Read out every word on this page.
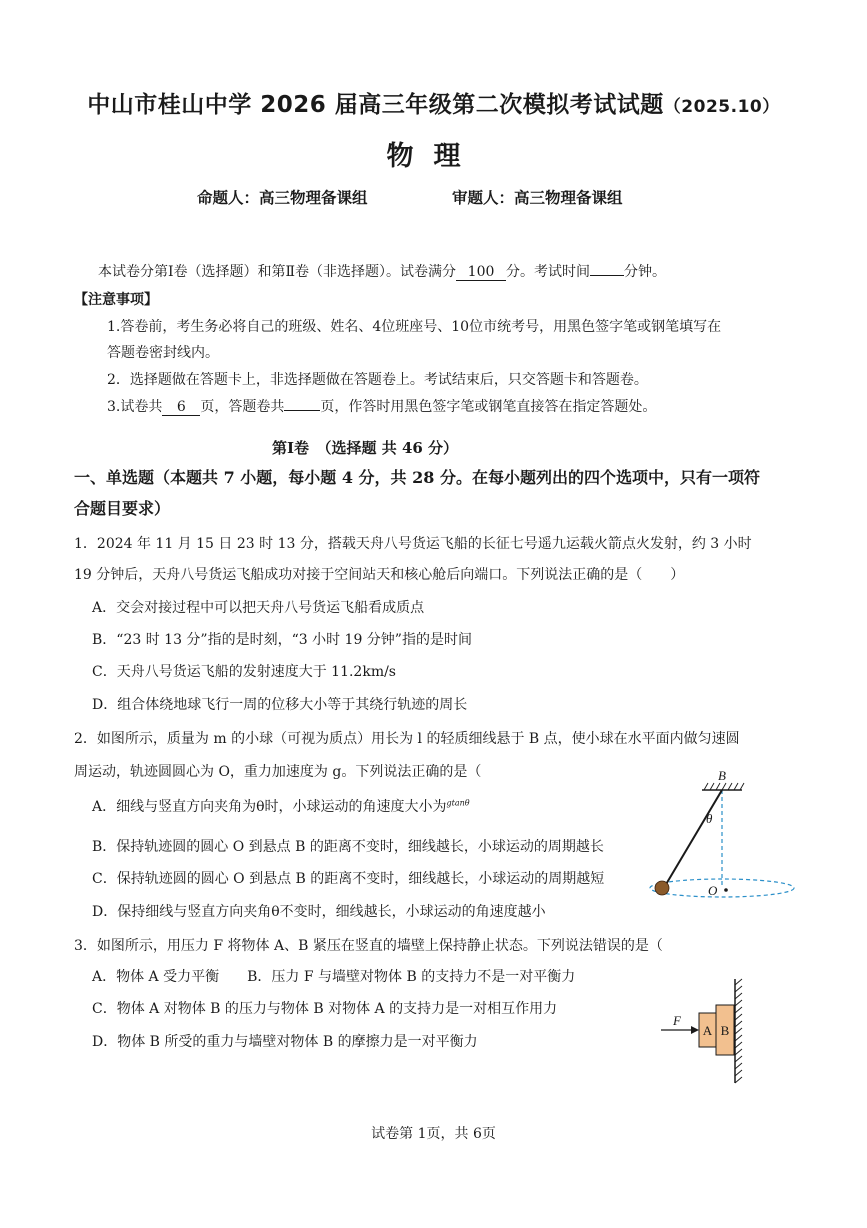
中山市桂山中学 2026 届高三年级第二次模拟考试试题（2025.10）
物理
命题人：高三物理备课组	审题人：高三物理备课组
本试卷分第Ⅰ卷（选择题）和第Ⅱ卷（非选择题）。试卷满分 100 分。考试时间 分钟。
【注意事项】
1.答卷前，考生务必将自己的班级、姓名、4位班座号、10位市统考号，用黑色签字笔或钢笔填写在
答题卷密封线内。
2．选择题做在答题卡上，非选择题做在答题卷上。考试结束后，只交答题卡和答题卷。
3.试卷共 6 页，答题卷共	页，作答时用黑色签字笔或钢笔直接答在指定答题处。
第Ⅰ卷　（选择题 共 46 分）
一、单选题（本题共 7 小题，每小题 4 分，共 28 分。在每小题列出的四个选项中，只有一项符
合题目要求）
1．2024 年 11 月 15 日 23 时 13 分，搭载天舟八号货运飞船的长征七号遥九运载火箭点火发射，约 3 小时
19 分钟后，天舟八号货运飞船成功对接于空间站天和核心舱后向端口。下列说法正确的是（　　）
A．交会对接过程中可以把天舟八号货运飞船看成质点
B．“23 时 13 分”指的是时刻，“3 小时 19 分钟”指的是时间
C．天舟八号货运飞船的发射速度大于 11.2km/s
D．组合体绕地球飞行一周的位移大小等于其绕行轨迹的周长
2．如图所示，质量为 m 的小球（可视为质点）用长为 l 的轻质细线悬于 B 点，使小球在水平面内做匀速圆
周运动，轨迹圆圆心为 O，重力加速度为 g。下列说法正确的是（
A．细线与竖直方向夹角为θ时，小球运动的角速度大小为$^{gtan\theta}$
B．保持轨迹圆的圆心 O 到悬点 B 的距离不变时，细线越长，小球运动的周期越长
C．保持轨迹圆的圆心 O 到悬点 B 的距离不变时，细线越长，小球运动的周期越短
D．保持细线与竖直方向夹角θ不变时，细线越长，小球运动的角速度越小
B
θ
O
3．如图所示，用压力 F 将物体 A、B 紧压在竖直的墙壁上保持静止状态。下列说法错误的是（
A．物体 A 受力平衡　　B．压力 F 与墙壁对物体 B 的支持力不是一对平衡力
C．物体 A 对物体 B 的压力与物体 B 对物体 A 的支持力是一对相互作用力
D．物体 B 所受的重力与墙壁对物体 B 的摩擦力是一对平衡力
F
A B
试卷第 1页，共 6页
